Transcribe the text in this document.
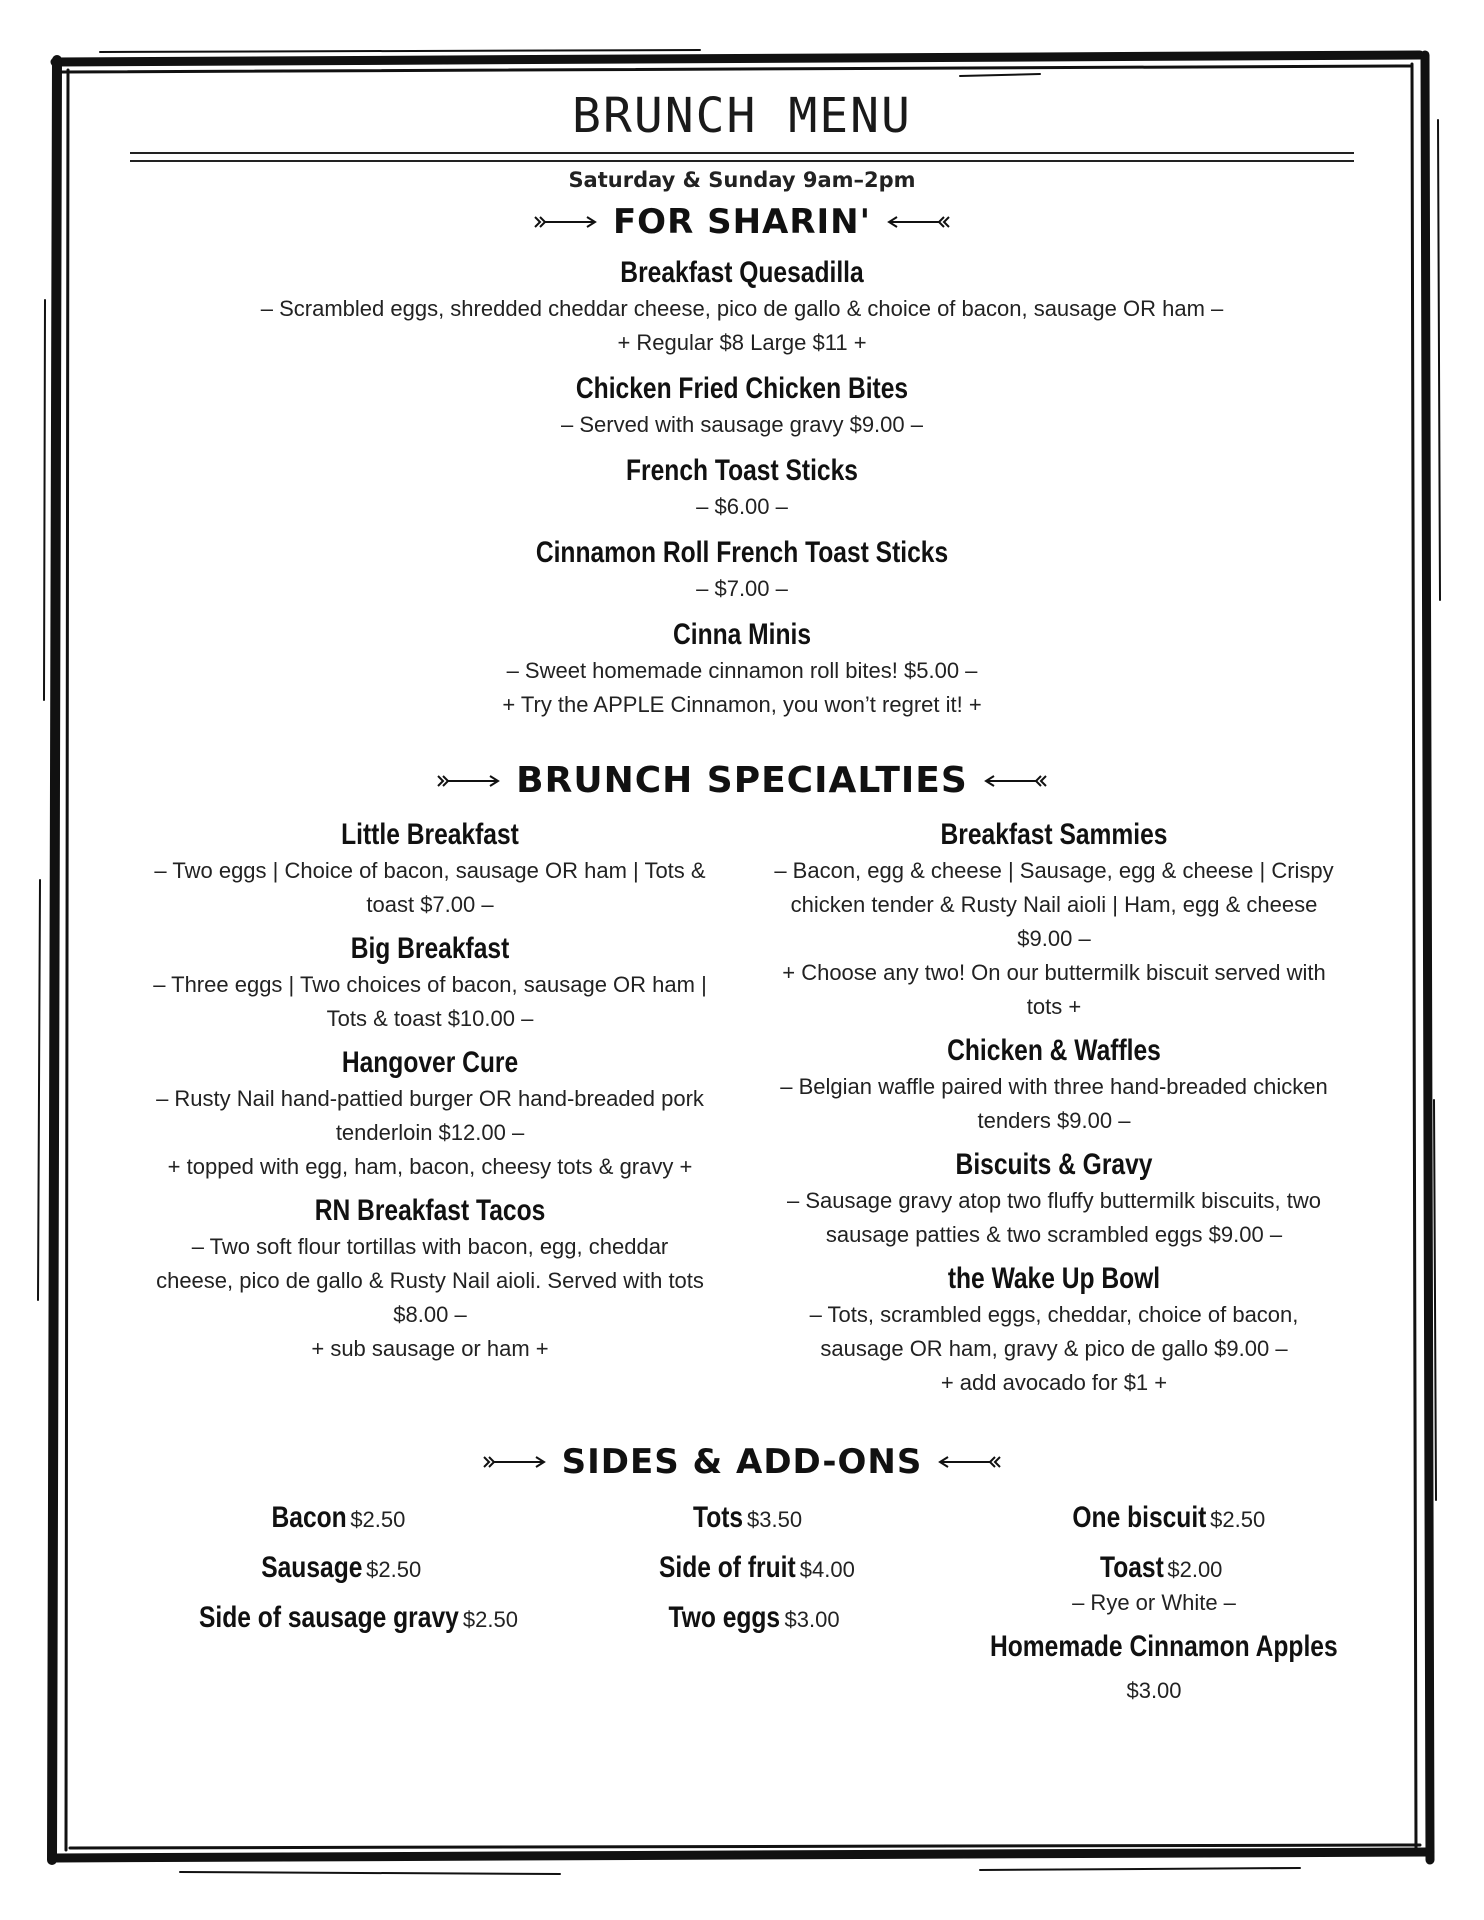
BRUNCH MENU
Saturday & Sunday 9am–2pm
FOR SHARIN'
Breakfast Quesadilla
– Scrambled eggs, shredded cheddar cheese, pico de gallo & choice of bacon, sausage OR ham –
+ Regular $8 Large $11 +
Chicken Fried Chicken Bites
– Served with sausage gravy $9.00 –
French Toast Sticks
– $6.00 –
Cinnamon Roll French Toast Sticks
– $7.00 –
Cinna Minis
– Sweet homemade cinnamon roll bites! $5.00 –
+ Try the APPLE Cinnamon, you won’t regret it! +
BRUNCH SPECIALTIES
Little Breakfast
– Two eggs | Choice of bacon, sausage OR ham | Tots &
toast $7.00 –
Big Breakfast
– Three eggs | Two choices of bacon, sausage OR ham |
Tots & toast $10.00 –
Hangover Cure
– Rusty Nail hand-pattied burger OR hand-breaded pork
tenderloin $12.00 –
+ topped with egg, ham, bacon, cheesy tots & gravy +
RN Breakfast Tacos
– Two soft flour tortillas with bacon, egg, cheddar
cheese, pico de gallo & Rusty Nail aioli. Served with tots
$8.00 –
+ sub sausage or ham +
Breakfast Sammies
– Bacon, egg & cheese | Sausage, egg & cheese | Crispy
chicken tender & Rusty Nail aioli | Ham, egg & cheese
$9.00 –
+ Choose any two! On our buttermilk biscuit served with
tots +
Chicken & Waffles
– Belgian waffle paired with three hand-breaded chicken
tenders $9.00 –
Biscuits & Gravy
– Sausage gravy atop two fluffy buttermilk biscuits, two
sausage patties & two scrambled eggs $9.00 –
the Wake Up Bowl
– Tots, scrambled eggs, cheddar, choice of bacon,
sausage OR ham, gravy & pico de gallo $9.00 –
+ add avocado for $1 +
SIDES & ADD-ONS
Bacon $2.50
Sausage $2.50
Side of sausage gravy $2.50
Tots $3.50
Side of fruit $4.00
Two eggs $3.00
One biscuit $2.50
Toast $2.00
– Rye or White –
Homemade Cinnamon Apples
$3.00
